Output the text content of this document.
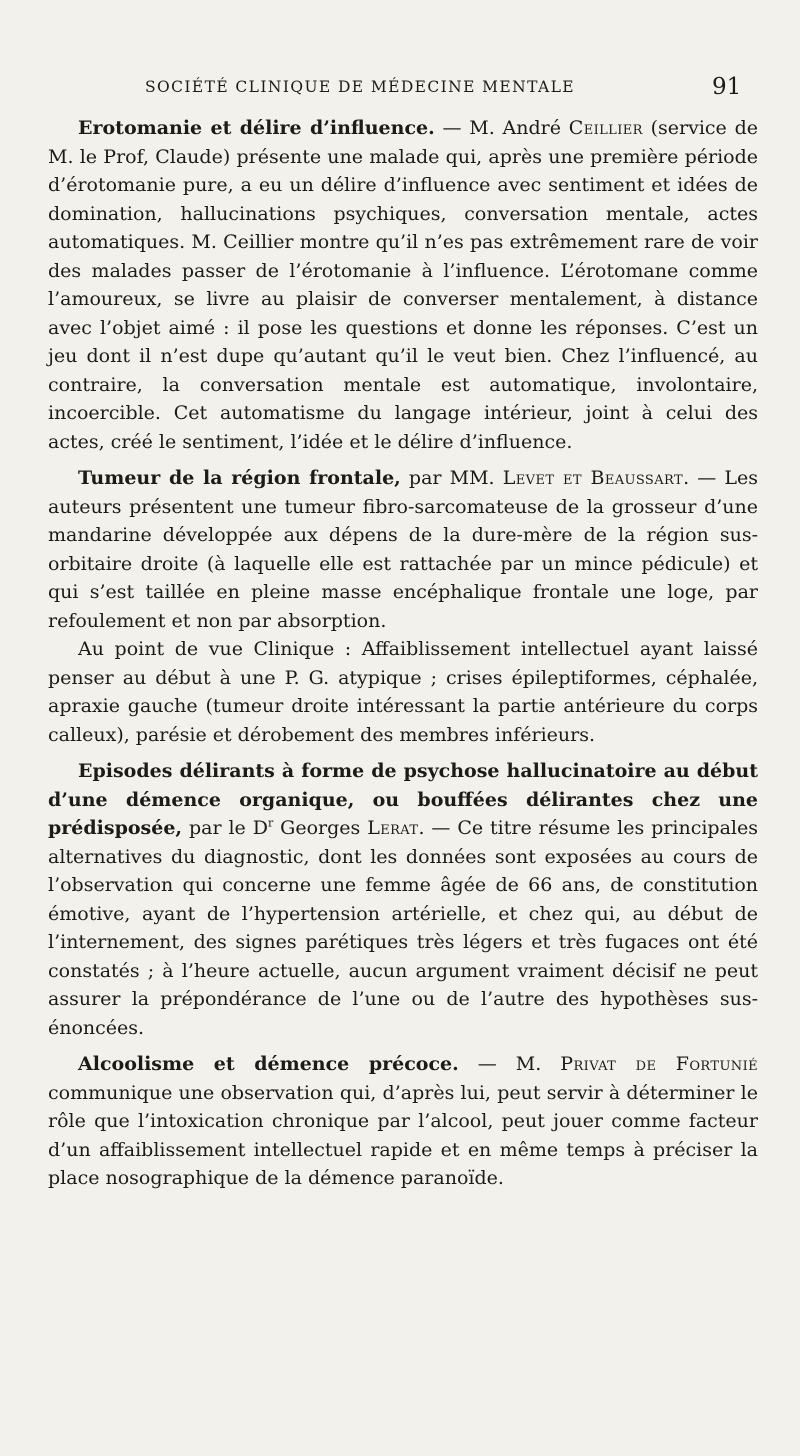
SOCIÉTÉ CLINIQUE DE MÉDECINE MENTALE	91

Erotomanie et délire d’influence. — M. André Ceillier (service de M. le Prof, Claude) présente une malade qui, après une première période d’érotomanie pure, a eu un délire d’influence avec sentiment et idées de domination, hallucinations psychiques, conversation mentale, actes automatiques. M. Ceillier montre qu’il n’es pas extrêmement rare de voir des malades passer de l’érotomanie à l’influence. L’érotomane comme l’amoureux, se livre au plaisir de converser mentalement, à distance avec l’objet aimé : il pose les questions et donne les réponses. C’est un jeu dont il n’est dupe qu’autant qu’il le veut bien. Chez l’influencé, au contraire, la conversation mentale est automatique, involontaire, incoercible. Cet automatisme du langage intérieur, joint à celui des actes, créé le sentiment, l’idée et le délire d’influence.

Tumeur de la région frontale, par MM. Levet et Beaussart. — Les auteurs présentent une tumeur fibro-sarcomateuse de la grosseur d’une mandarine développée aux dépens de la dure-mère de la région sus-orbitaire droite (à laquelle elle est rattachée par un mince pédicule) et qui s’est taillée en pleine masse encéphalique frontale une loge, par refoulement et non par absorption.

Au point de vue Clinique : Affaiblissement intellectuel ayant laissé penser au début à une P. G. atypique ; crises épileptiformes, céphalée, apraxie gauche (tumeur droite intéressant la partie antérieure du corps calleux), parésie et dérobement des membres inférieurs.

Episodes délirants à forme de psychose hallucinatoire au début d’une démence organique, ou bouffées délirantes chez une prédisposée, par le $D^r$ Georges Lerat. — Ce titre résume les principales alternatives du diagnostic, dont les données sont exposées au cours de l’observation qui concerne une femme âgée de 66 ans, de constitution émotive, ayant de l’hypertension artérielle, et chez qui, au début de l’internement, des signes parétiques très légers et très fugaces ont été constatés ; à l’heure actuelle, aucun argument vraiment décisif ne peut assurer la prépondérance de l’une ou de l’autre des hypothèses sus-énoncées.

Alcoolisme et démence précoce. — M. Privat de Fortunié communique une observation qui, d’après lui, peut servir à déterminer le rôle que l’intoxication chronique par l’alcool, peut jouer comme facteur d’un affaiblissement intellectuel rapide et en même temps à préciser la place nosographique de la démence paranoïde.
